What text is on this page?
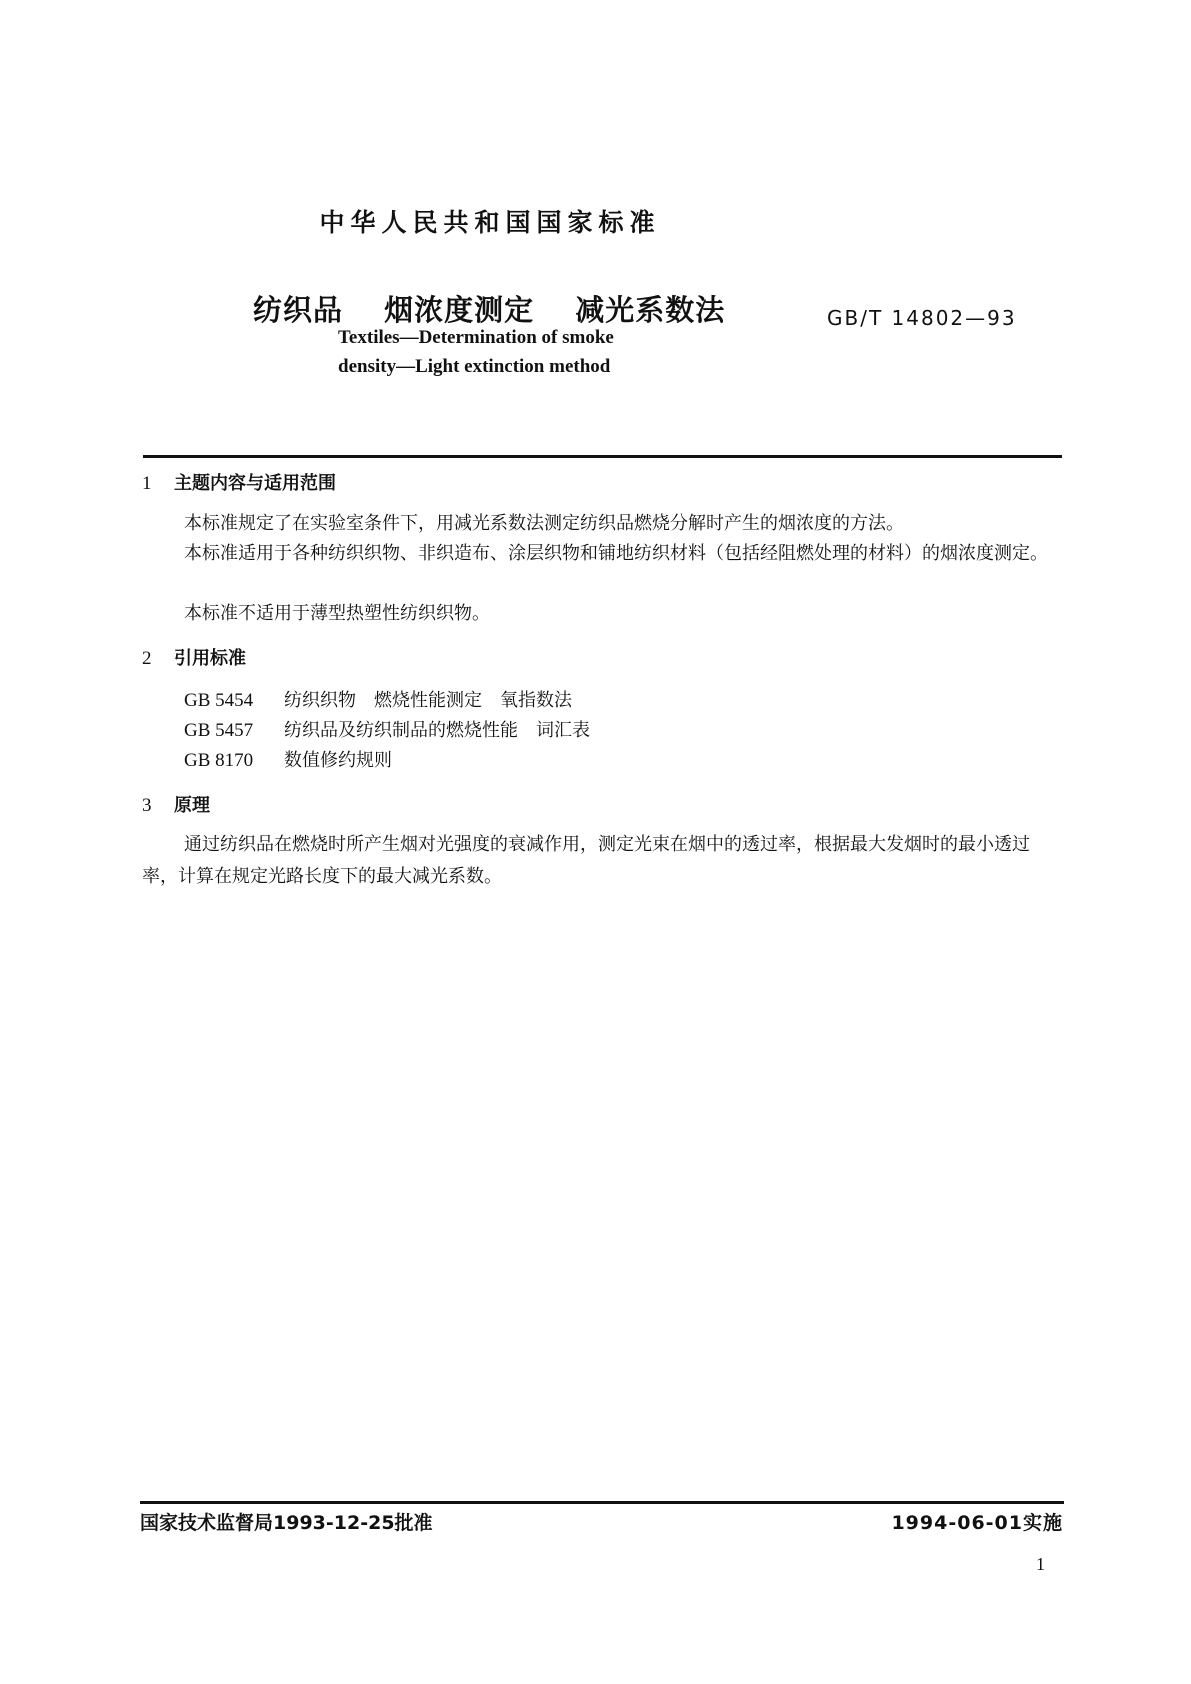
中华人民共和国国家标准
纺织品 烟浓度测定 减光系数法	GB/T 14802—93
Textiles—Determination of smoke
density—Light extinction method
1 主题内容与适用范围
本标准规定了在实验室条件下，用减光系数法测定纺织品燃烧分解时产生的烟浓度的方法。
本标准适用于各种纺织织物、非织造布、涂层织物和铺地纺织材料（包括经阻燃处理的材料）的烟浓度测定。
本标准不适用于薄型热塑性纺织织物。
2 引用标准
GB 5454 纺织织物　燃烧性能测定　氧指数法
GB 5457 纺织品及纺织制品的燃烧性能　词汇表
GB 8170 数值修约规则
3 原理
通过纺织品在燃烧时所产生烟对光强度的衰减作用，测定光束在烟中的透过率，根据最大发烟时的最小透过率，计算在规定光路长度下的最大减光系数。
国家技术监督局1993-12-25批准	1994-06-01实施
1
